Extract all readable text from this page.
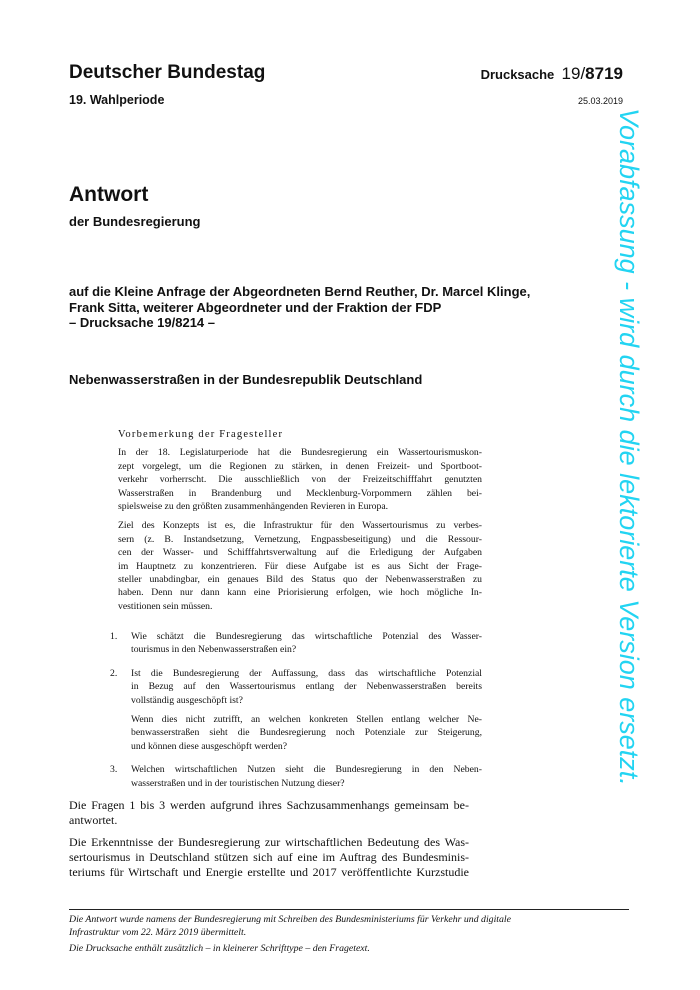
Deutscher Bundestag
19. Wahlperiode
Drucksache 19/8719
25.03.2019
Antwort
der Bundesregierung
auf die Kleine Anfrage der Abgeordneten Bernd Reuther, Dr. Marcel Klinge,
Frank Sitta, weiterer Abgeordneter und der Fraktion der FDP
– Drucksache 19/8214 –
Nebenwasserstraßen in der Bundesrepublik Deutschland
Vorbemerkung der Fragesteller

In der 18. Legislaturperiode hat die Bundesregierung ein Wassertourismuskon-
zept vorgelegt, um die Regionen zu stärken, in denen Freizeit- und Sportboot-
verkehr vorherrscht. Die ausschließlich von der Freizeitschifffahrt genutzten
Wasserstraßen in Brandenburg und Mecklenburg-Vorpommern zählen bei-
spielsweise zu den größten zusammenhängenden Revieren in Europa.

Ziel des Konzepts ist es, die Infrastruktur für den Wassertourismus zu verbes-
sern (z. B. Instandsetzung, Vernetzung, Engpassbeseitigung) und die Ressour-
cen der Wasser- und Schifffahrtsverwaltung auf die Erledigung der Aufgaben
im Hauptnetz zu konzentrieren. Für diese Aufgabe ist es aus Sicht der Frage-
steller unabdingbar, ein genaues Bild des Status quo der Nebenwasserstraßen zu
haben. Denn nur dann kann eine Priorisierung erfolgen, wie hoch mögliche In-
vestitionen sein müssen.

1.	Wie schätzt die Bundesregierung das wirtschaftliche Potenzial des Wasser-
tourismus in den Nebenwasserstraßen ein?

2.	Ist die Bundesregierung der Auffassung, dass das wirtschaftliche Potenzial
in Bezug auf den Wassertourismus entlang der Nebenwasserstraßen bereits
vollständig ausgeschöpft ist?

Wenn dies nicht zutrifft, an welchen konkreten Stellen entlang welcher Ne-
benwasserstraßen sieht die Bundesregierung noch Potenziale zur Steigerung,
und können diese ausgeschöpft werden?

3.	Welchen wirtschaftlichen Nutzen sieht die Bundesregierung in den Neben-
wasserstraßen und in der touristischen Nutzung dieser?

Die Fragen 1 bis 3 werden aufgrund ihres Sachzusammenhangs gemeinsam be-
antwortet.

Die Erkenntnisse der Bundesregierung zur wirtschaftlichen Bedeutung des Was-
sertourismus in Deutschland stützen sich auf eine im Auftrag des Bundesminis-
teriums für Wirtschaft und Energie erstellte und 2017 veröffentlichte Kurzstudie

Die Antwort wurde namens der Bundesregierung mit Schreiben des Bundesministeriums für Verkehr und digitale
Infrastruktur vom 22. März 2019 übermittelt.

Die Drucksache enthält zusätzlich – in kleinerer Schrifttype – den Fragetext.

Vorabfassung - wird durch die lektorierte Version ersetzt.
